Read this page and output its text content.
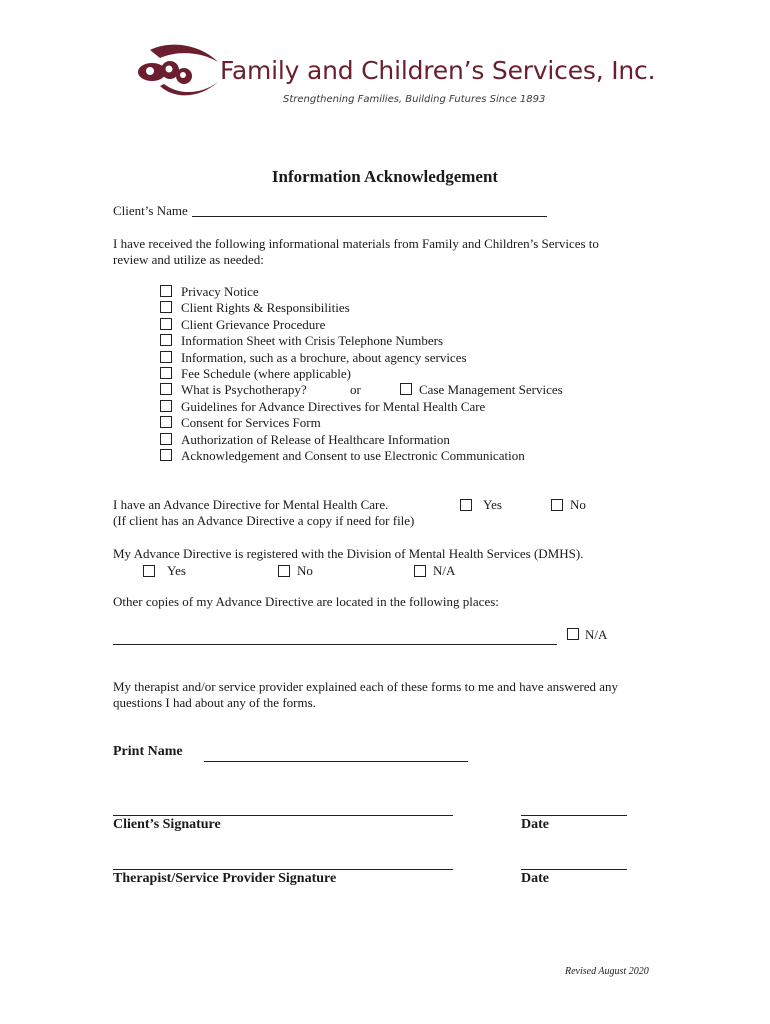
Family and Children’s Services, Inc.
Strengthening Families, Building Futures Since 1893
Information Acknowledgement
Client’s Name
I have received the following informational materials from Family and Children’s Services to
review and utilize as needed:
Privacy Notice
Client Rights & Responsibilities
Client Grievance Procedure
Information Sheet with Crisis Telephone Numbers
Information, such as a brochure, about agency services
Fee Schedule (where applicable)
What is Psychotherapy?	or	Case Management Services
Guidelines for Advance Directives for Mental Health Care
Consent for Services Form
Authorization of Release of Healthcare Information
Acknowledgement and Consent to use Electronic Communication
I have an Advance Directive for Mental Health Care.
(If client has an Advance Directive a copy if need for file)
Yes	No
My Advance Directive is registered with the Division of Mental Health Services (DMHS).
Yes	No	N/A
Other copies of my Advance Directive are located in the following places:
N/A
My therapist and/or service provider explained each of these forms to me and have answered any
questions I had about any of the forms.
Print Name
Client’s Signature	Date
Therapist/Service Provider Signature	Date
Revised August 2020
